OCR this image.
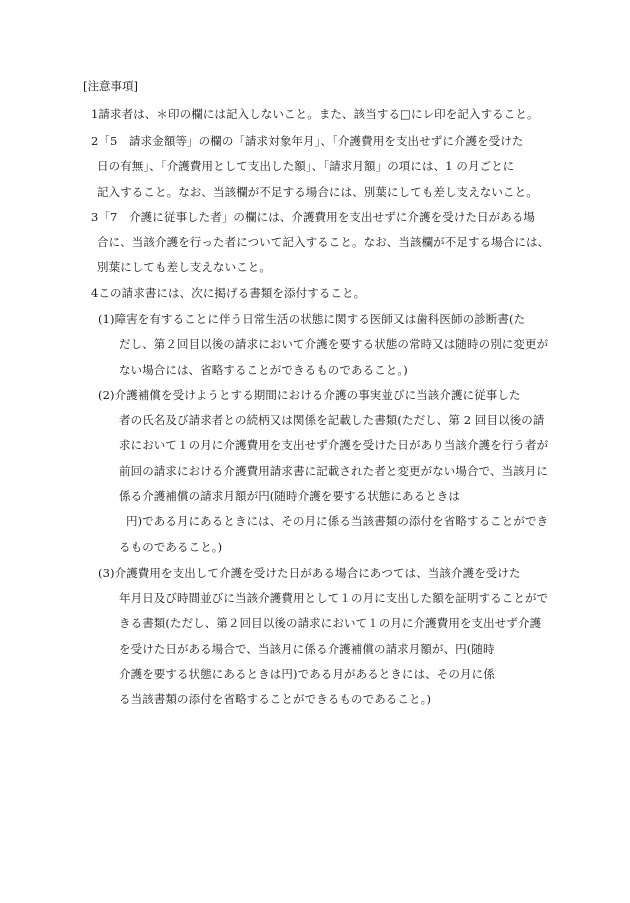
[注意事項]
1請求者は、＊印の欄には記入しないこと。また、該当する□にレ印を記入すること。
2「5　請求金額等」の欄の「請求対象年月」、「介護費用を支出せずに介護を受けた
日の有無」、「介護費用として支出した額」、「請求月額」の項には、1 の月ごとに
記入すること。なお、当該欄が不足する場合には、別葉にしても差し支えないこと。
3「7　介護に従事した者」の欄には、介護費用を支出せずに介護を受けた日がある場
合に、当該介護を行った者について記入すること。なお、当該欄が不足する場合には、
別葉にしても差し支えないこと。
4この請求書には、次に掲げる書類を添付すること。
(1)障害を有することに伴う日常生活の状態に関する医師又は歯科医師の診断書(た
だし、第２回目以後の請求において介護を要する状態の常時又は随時の別に変更が
ない場合には、省略することができるものであること。)
(2)介護補償を受けようとする期間における介護の事実並びに当該介護に従事した
者の氏名及び請求者との続柄又は関係を記載した書類(ただし、第 2 回目以後の請
求において１の月に介護費用を支出せず介護を受けた日があり当該介護を行う者が
前回の請求における介護費用請求書に記載された者と変更がない場合で、当該月に
係る介護補償の請求月額が円(随時介護を要する状態にあるときは
円)である月にあるときには、その月に係る当該書類の添付を省略することができ
るものであること。)
(3)介護費用を支出して介護を受けた日がある場合にあつては、当該介護を受けた
年月日及び時間並びに当該介護費用として１の月に支出した額を証明することがで
きる書類(ただし、第２回目以後の請求において１の月に介護費用を支出せず介護
を受けた日がある場合で、当該月に係る介護補償の請求月額が、円(随時
介護を要する状態にあるときは円)である月があるときには、その月に係
る当該書類の添付を省略することができるものであること。)
